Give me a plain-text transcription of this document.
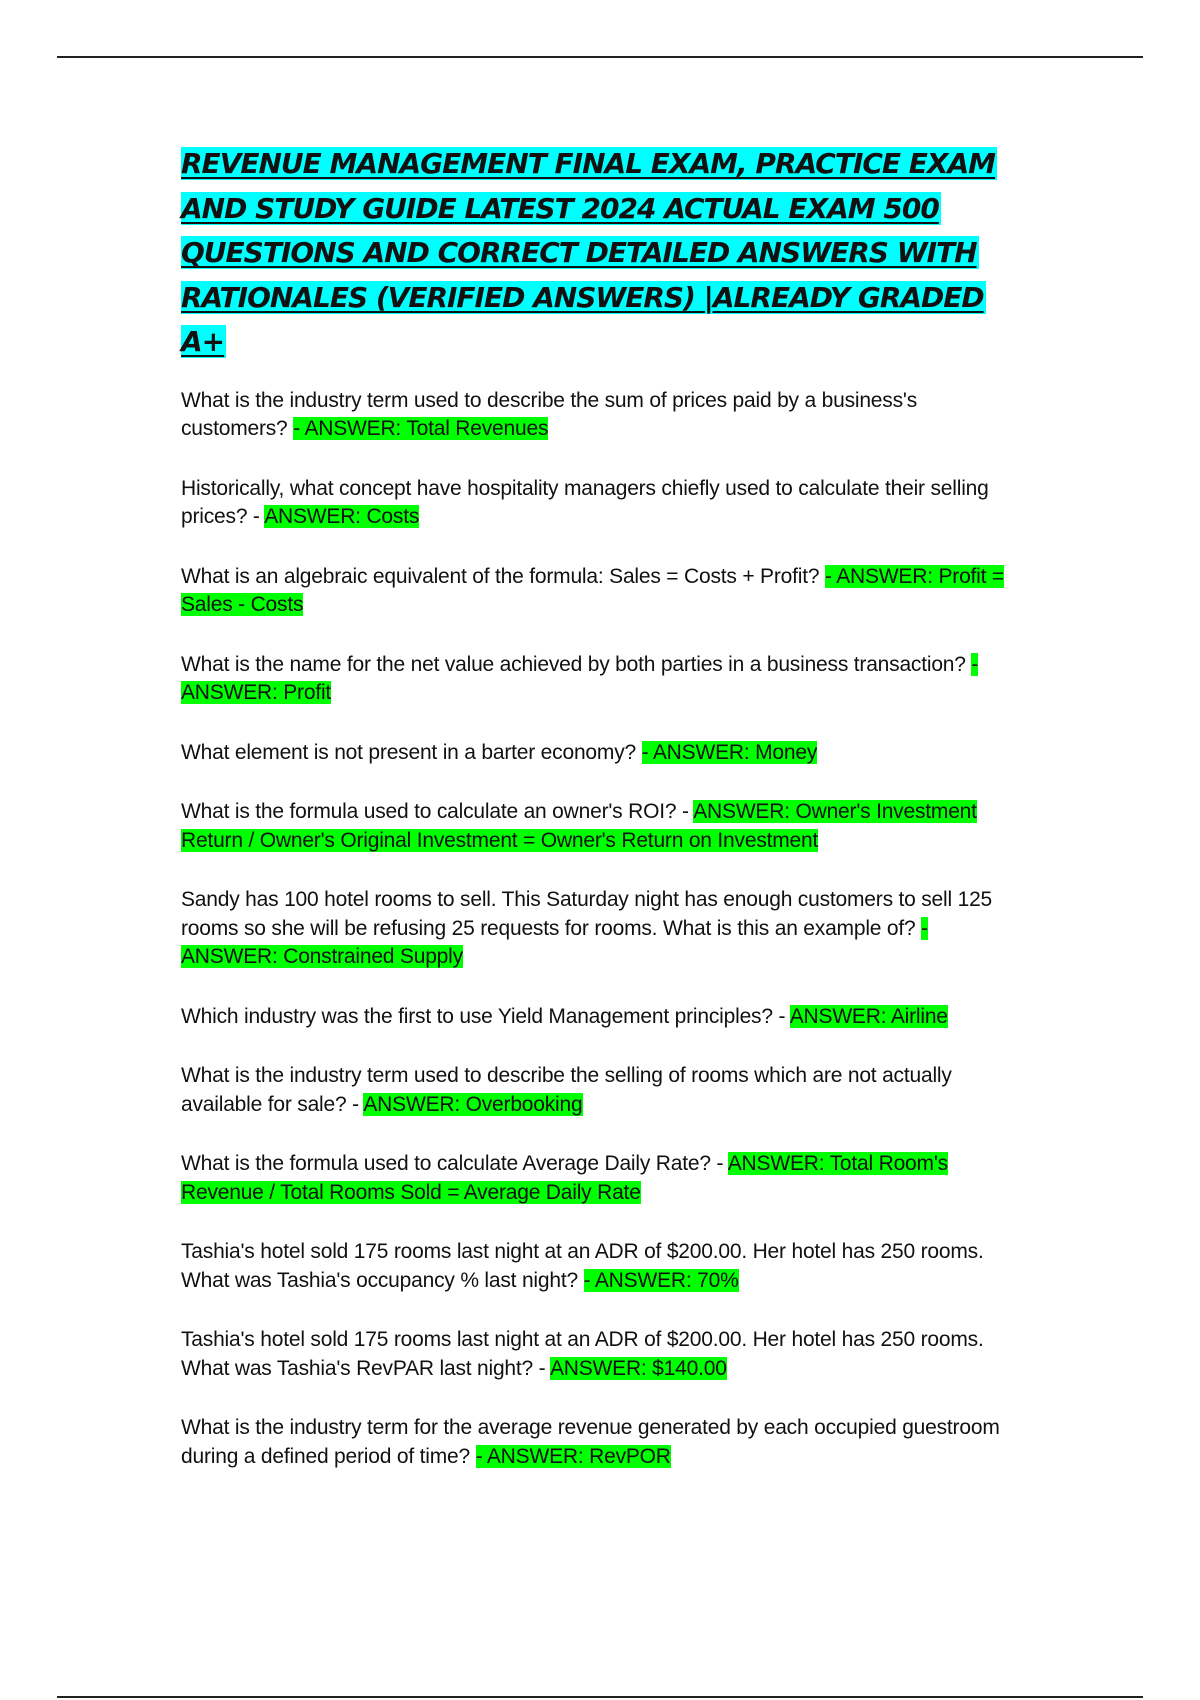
REVENUE MANAGEMENT FINAL EXAM, PRACTICE EXAM AND STUDY GUIDE LATEST 2024 ACTUAL EXAM 500 QUESTIONS AND CORRECT DETAILED ANSWERS WITH RATIONALES (VERIFIED ANSWERS) |ALREADY GRADED A+

What is the industry term used to describe the sum of prices paid by a business's customers? - ANSWER: Total Revenues

Historically, what concept have hospitality managers chiefly used to calculate their selling prices? - ANSWER: Costs

What is an algebraic equivalent of the formula: Sales = Costs + Profit? - ANSWER: Profit = Sales - Costs

What is the name for the net value achieved by both parties in a business transaction? - ANSWER: Profit

What element is not present in a barter economy? - ANSWER: Money

What is the formula used to calculate an owner's ROI? - ANSWER: Owner's Investment Return / Owner's Original Investment = Owner's Return on Investment

Sandy has 100 hotel rooms to sell. This Saturday night has enough customers to sell 125 rooms so she will be refusing 25 requests for rooms. What is this an example of? - ANSWER: Constrained Supply

Which industry was the first to use Yield Management principles? - ANSWER: Airline

What is the industry term used to describe the selling of rooms which are not actually available for sale? - ANSWER: Overbooking

What is the formula used to calculate Average Daily Rate? - ANSWER: Total Room's Revenue / Total Rooms Sold = Average Daily Rate

Tashia's hotel sold 175 rooms last night at an ADR of $200.00. Her hotel has 250 rooms. What was Tashia's occupancy % last night? - ANSWER: 70%

Tashia's hotel sold 175 rooms last night at an ADR of $200.00. Her hotel has 250 rooms. What was Tashia's RevPAR last night? - ANSWER: $140.00

What is the industry term for the average revenue generated by each occupied guestroom during a defined period of time? - ANSWER: RevPOR
